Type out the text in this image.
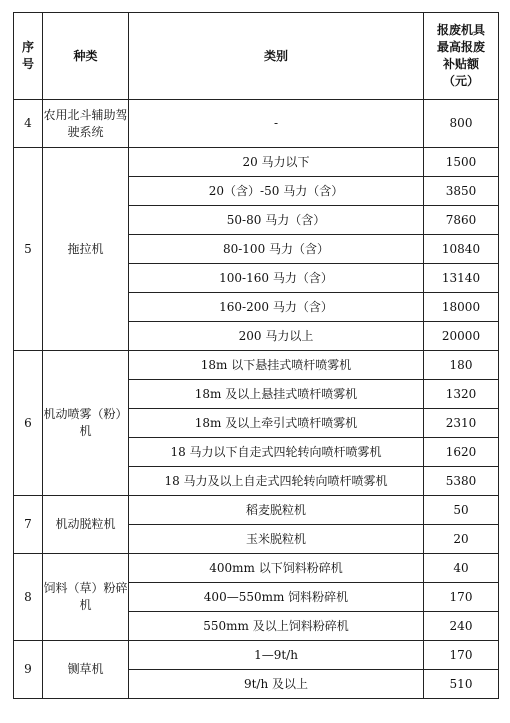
序号	种类	类别	报废机具最高报废补贴额（元）
4	农用北斗辅助驾驶系统	-	800
5	拖拉机	20 马力以下	1500
		20（含）-50 马力（含）	3850
		50-80 马力（含）	7860
		80-100 马力（含）	10840
		100-160 马力（含）	13140
		160-200 马力（含）	18000
		200 马力以上	20000
6	机动喷雾（粉）机	18m 以下悬挂式喷杆喷雾机	180
		18m 及以上悬挂式喷杆喷雾机	1320
		18m 及以上牵引式喷杆喷雾机	2310
		18 马力以下自走式四轮转向喷杆喷雾机	1620
		18 马力及以上自走式四轮转向喷杆喷雾机	5380
7	机动脱粒机	稻麦脱粒机	50
		玉米脱粒机	20
8	饲料（草）粉碎机	400mm 以下饲料粉碎机	40
		400—550mm 饲料粉碎机	170
		550mm 及以上饲料粉碎机	240
9	铡草机	1—9t/h	170
		9t/h 及以上	510
